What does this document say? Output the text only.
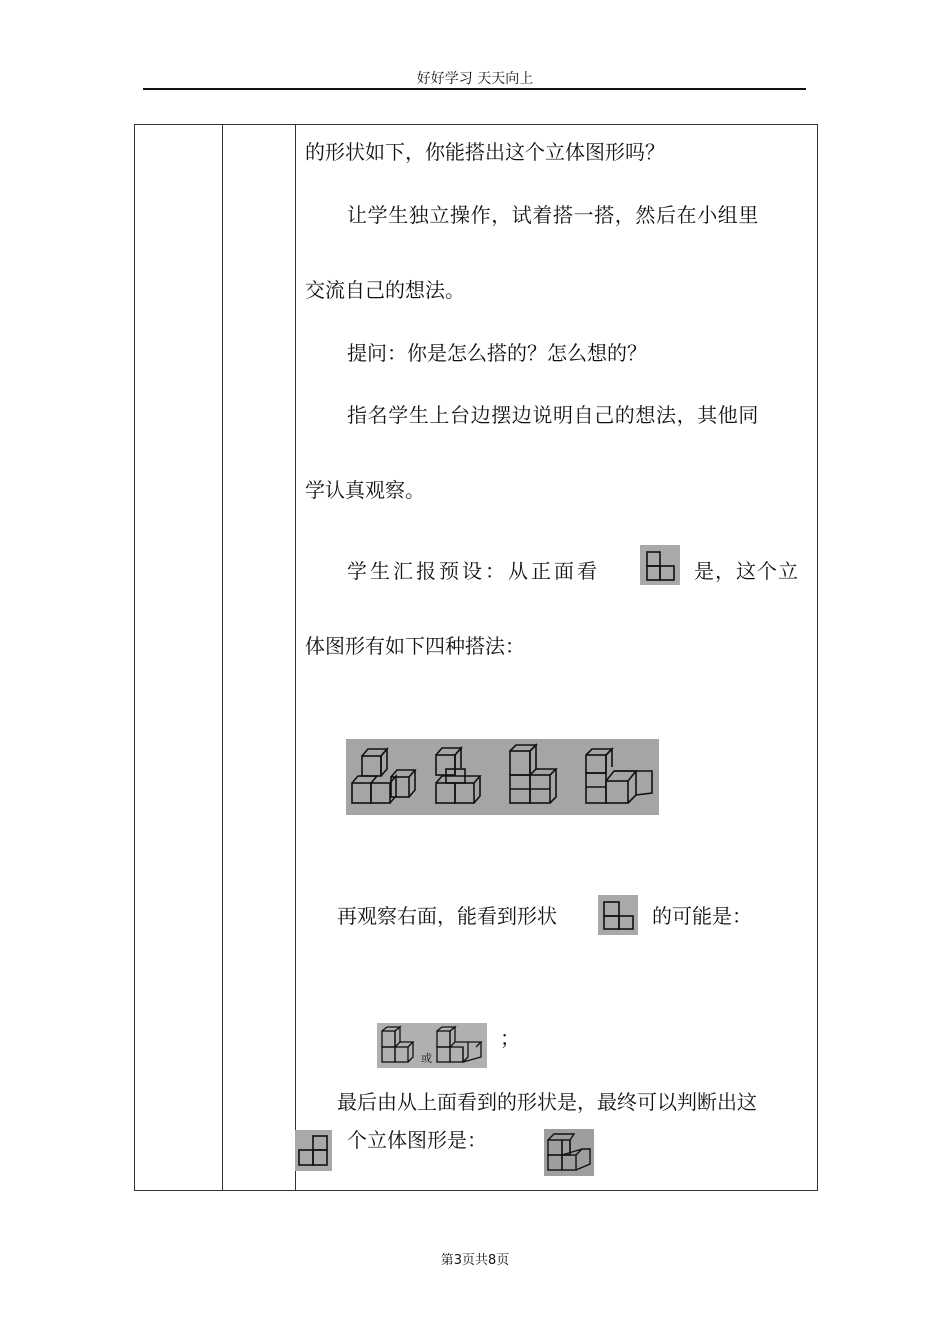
好好学习 天天向上
的形状如下，你能搭出这个立体图形吗？
让学生独立操作，试着搭一搭，然后在小组里
交流自己的想法。
提问：你是怎么搭的？怎么想的？
指名学生上台边摆边说明自己的想法，其他同
学认真观察。
学生汇报预设：从正面看	是，这个立
体图形有如下四种搭法：
再观察右面，能看到形状	的可能是：
或
；
最后由从上面看到的形状是，最终可以判断出这
个立体图形是：
第3页共8页
